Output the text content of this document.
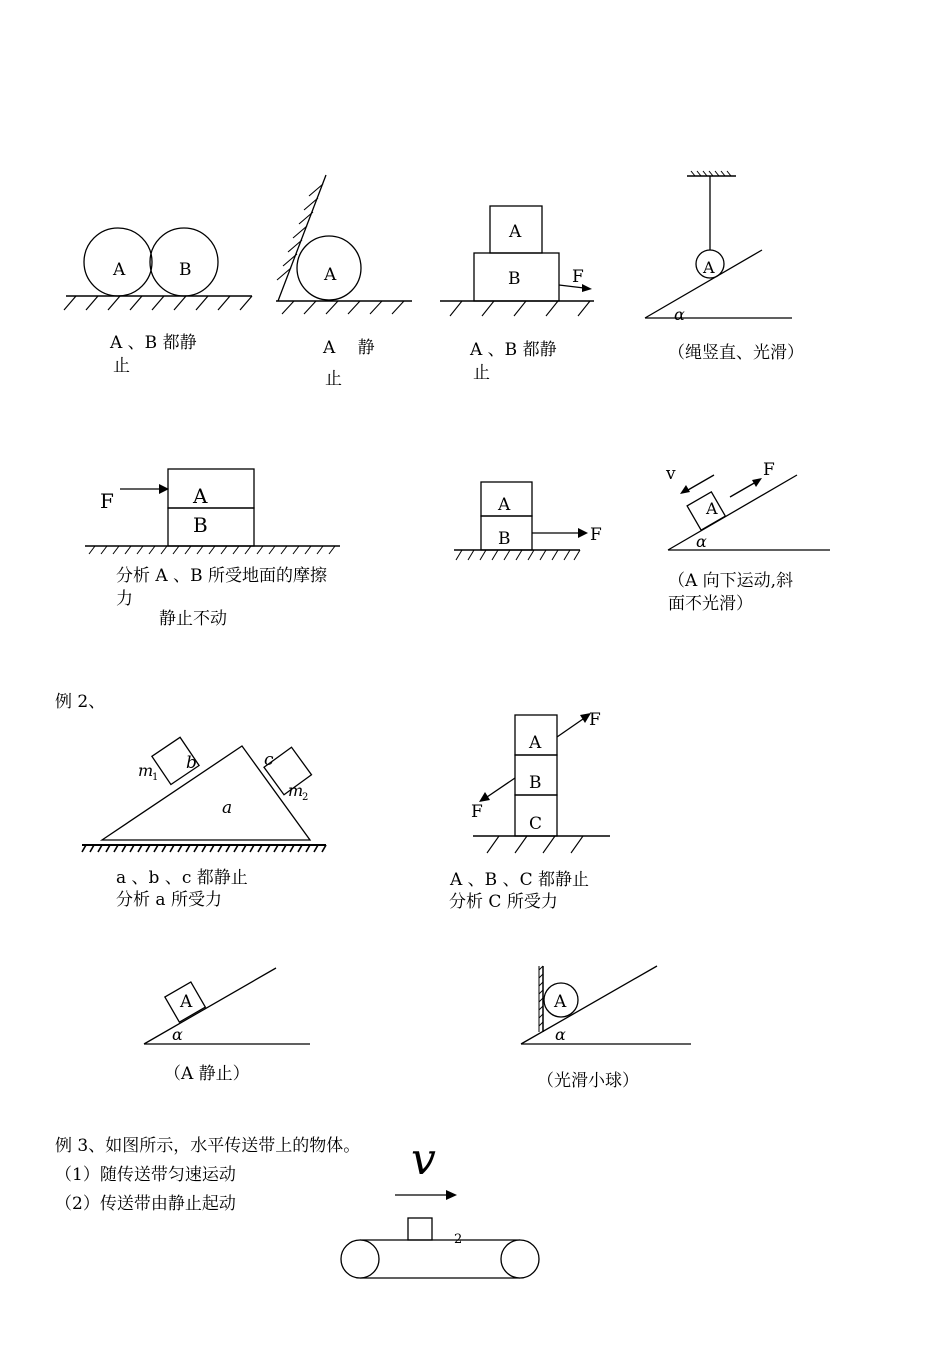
A	B
A 、B 都静
止
A
A　 静
止
A
B	F
A 、B 都静
止
A
α
（绳竖直、光滑）
A
B
F
分析 A 、B 所受地面的摩擦
力
静止不动
A
B	F
A
v	F
α
（A 向下运动,斜
面不光滑）
例 2、
b	c
a
m
1
m
2
a 、b 、c 都静止
分析 a 所受力
A
B
C
F
F
A 、B 、C 都静止
分析 C 所受力
A
α
（A 静止）
A
α
（光滑小球）
例 3、如图所示，水平传送带上的物体。
（1）随传送带匀速运动
（2）传送带由静止起动
v
2
